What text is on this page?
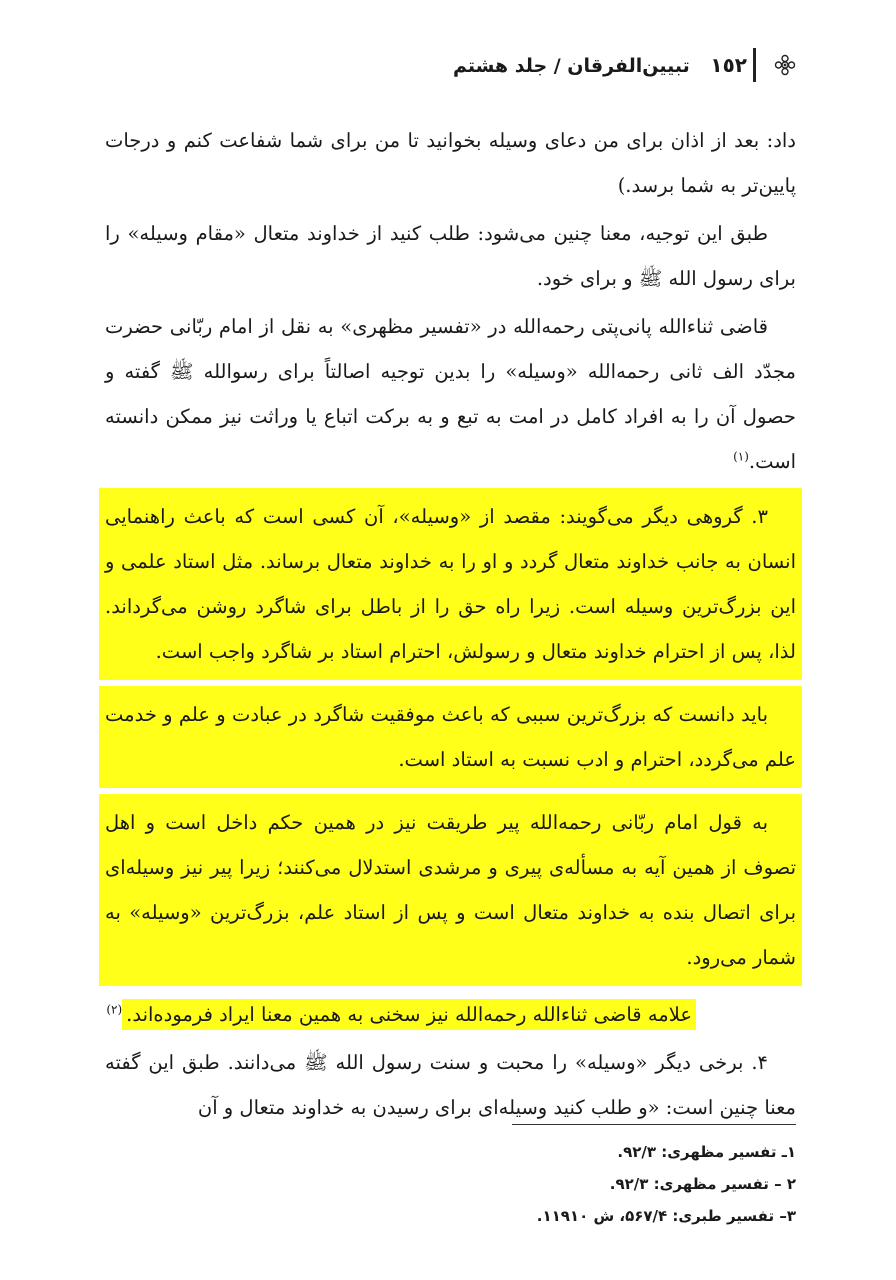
١٥٢ تبیین‌الفرقان / جلد هشتم

داد: بعد از اذان برای من دعای وسیله بخوانید تا من برای شما شفاعت کنم و درجات پایین‌تر به شما برسد.)

طبق این توجیه، معنا چنین می‌شود: طلب کنید از خداوند متعال «مقام وسیله» را برای رسول الله ﷺ و برای خود.

قاضی ثناءالله پانی‌پتی رحمه‌الله در «تفسیر مظهری» به نقل از امام ربّانی حضرت مجدّد الف ثانی رحمه‌الله «وسیله» را بدین توجیه اصالتاً برای رسوالله ﷺ گفته و حصول آن را به افراد کامل در امت به تبع و به برکت اتباع یا وراثت نیز ممکن دانسته است.$^{(۱)}$

۳. گروهی دیگر می‌گویند: مقصد از «وسیله»، آن کسی است که باعث راهنمایی انسان به جانب خداوند متعال گردد و او را به خداوند متعال برساند. مثل استاد علمی و این بزرگ‌ترین وسیله است. زیرا راه حق را از باطل برای شاگرد روشن می‌گرداند. لذا، پس از احترام خداوند متعال و رسولش، احترام استاد بر شاگرد واجب است.

باید دانست که بزرگ‌ترین سببی که باعث موفقیت شاگرد در عبادت و علم و خدمت علم می‌گردد، احترام و ادب نسبت به استاد است.

به قول امام ربّانی رحمه‌الله پیر طریقت نیز در همین حکم داخل است و اهل تصوف از همین آیه به مسأله‌ی پیری و مرشدی استدلال می‌کنند؛ زیرا پیر نیز وسیله‌ای برای اتصال بنده به خداوند متعال است و پس از استاد علم، بزرگ‌ترین «وسیله» به شمار می‌رود.

علامه قاضی ثناءالله رحمه‌الله نیز سخنی به همین معنا ایراد فرموده‌اند.$^{(۲)}$

۴. برخی دیگر «وسیله» را محبت و سنت رسول الله ﷺ می‌دانند. طبق این گفته معنا چنین است: «و طلب کنید وسیله‌ای برای رسیدن به خداوند متعال و آن

۱ـ تفسیر مظهری: ۹۲/۳.
۲ – تفسیر مظهری: ۹۲/۳.
۳– تفسیر طبری: ۵۶۷/۴، ش ۱۱۹۱۰.
